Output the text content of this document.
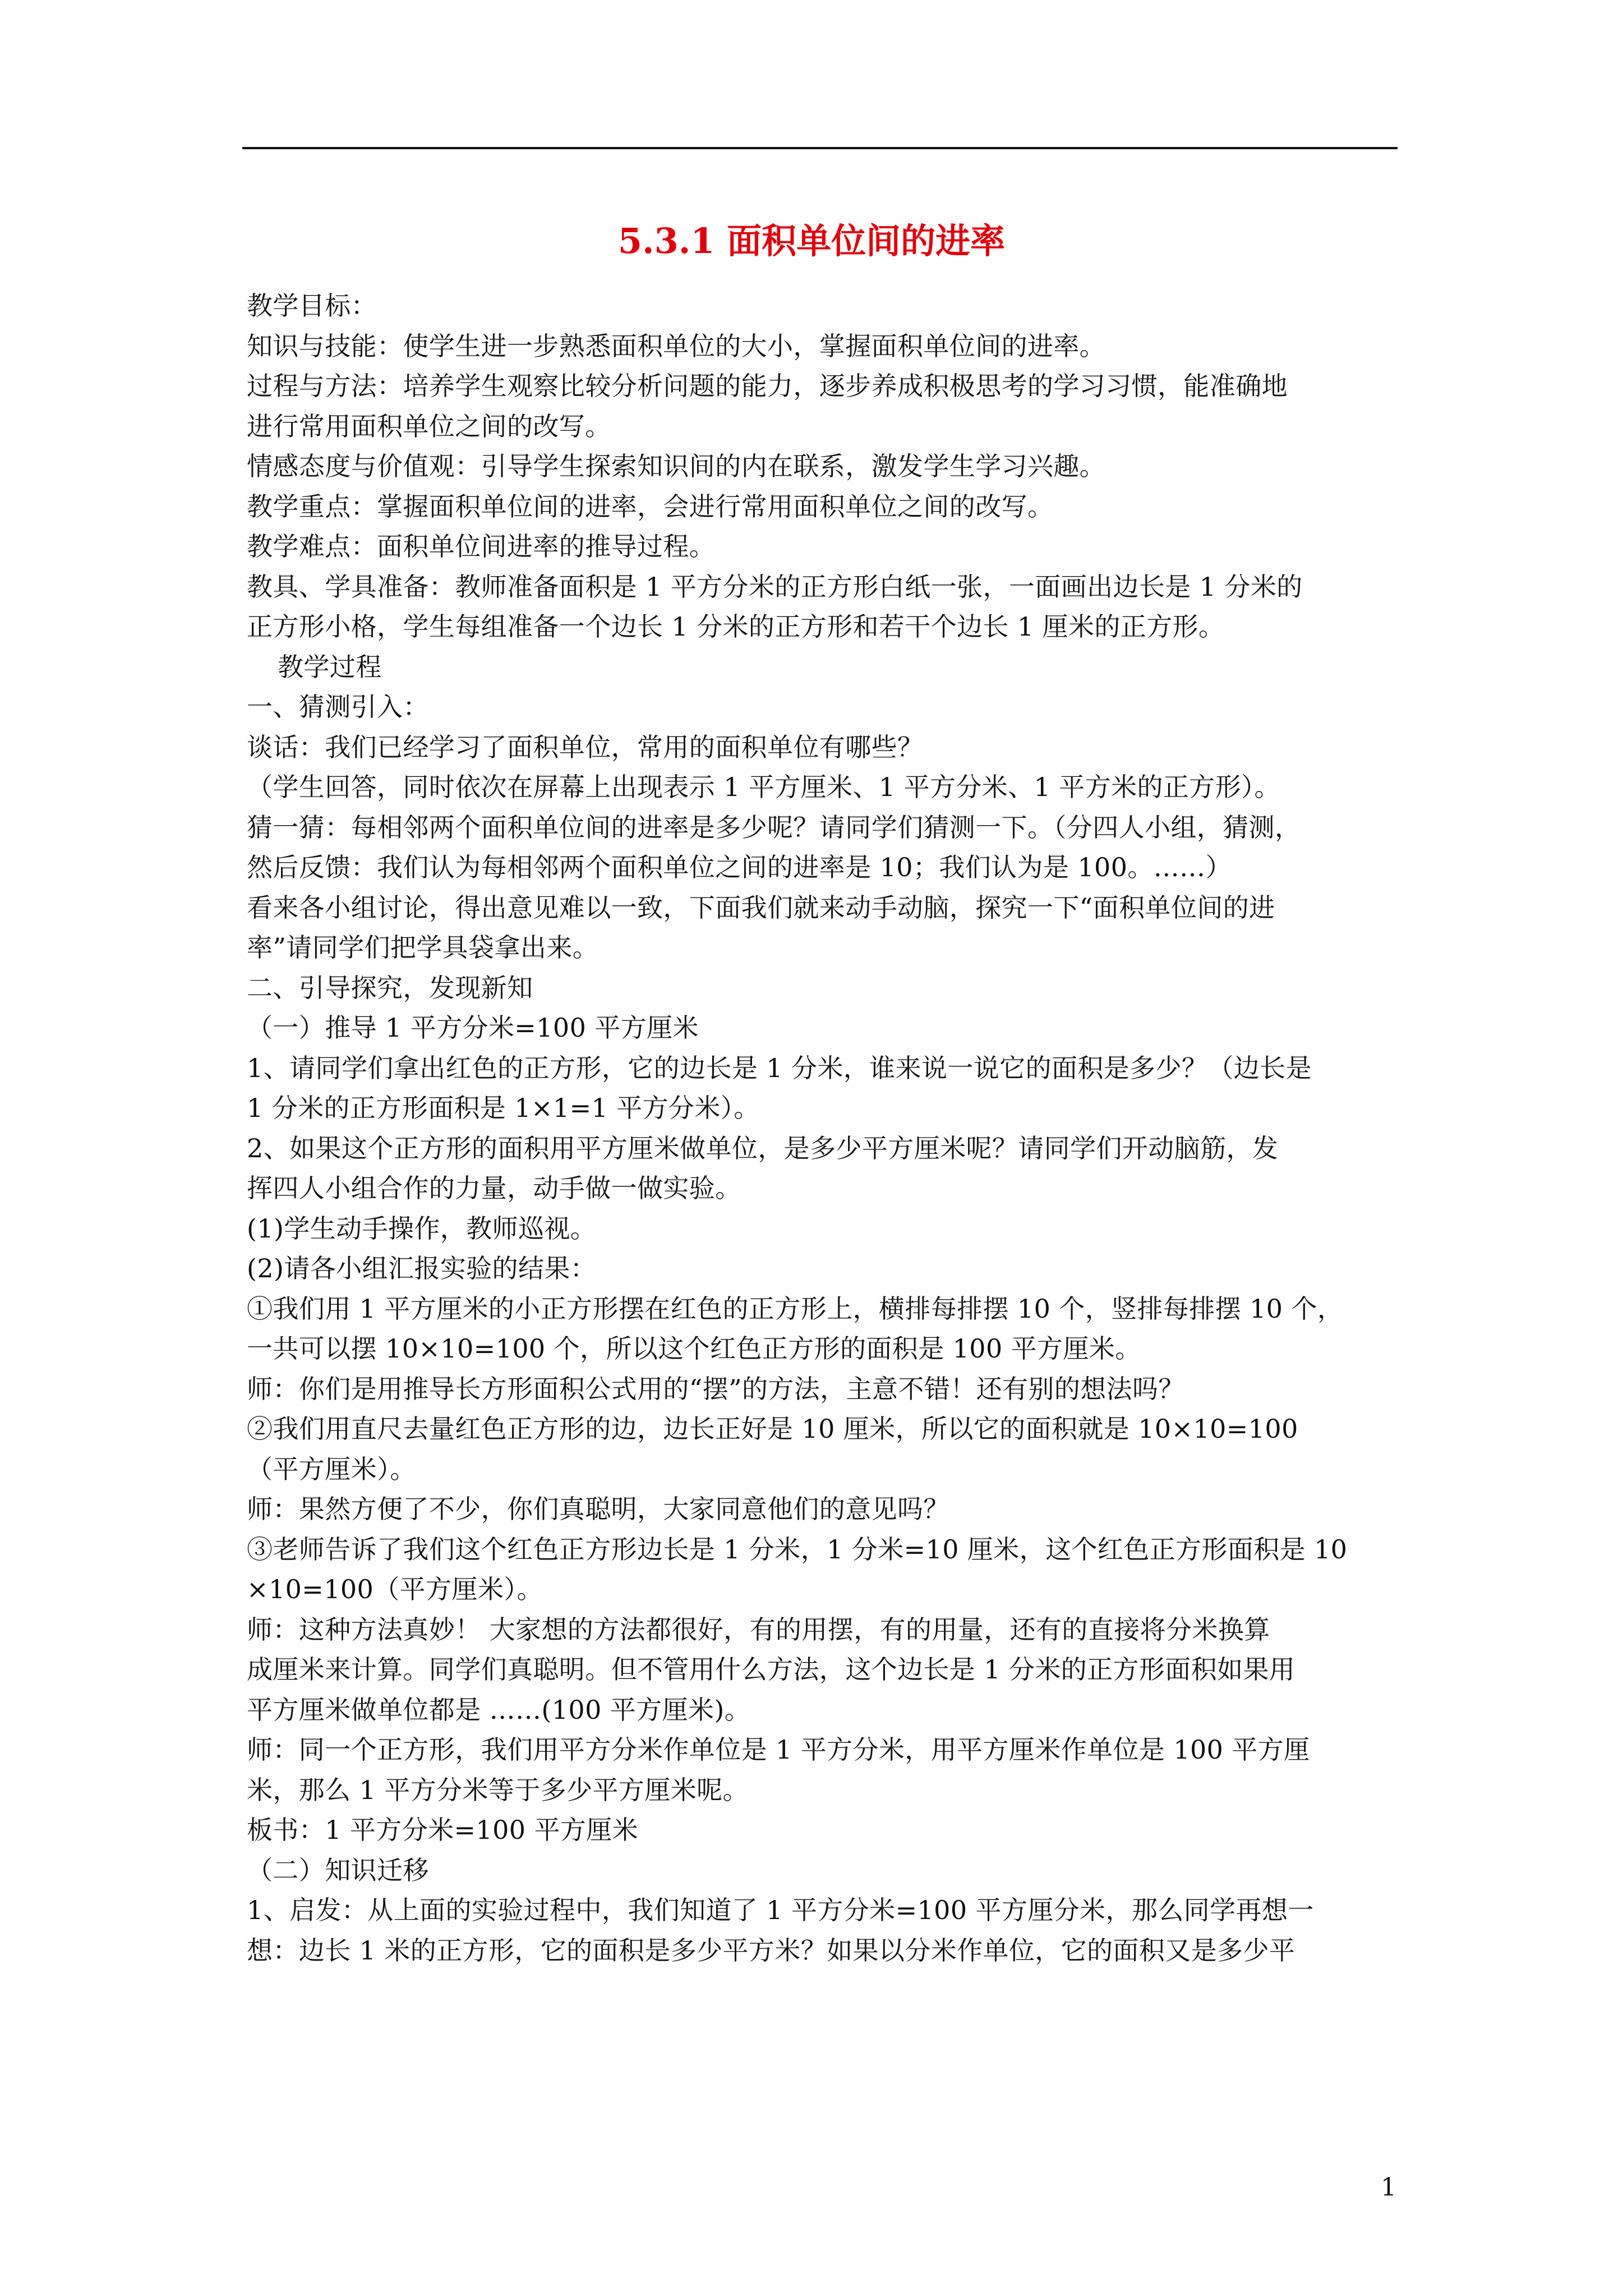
5.3.1 面积单位间的进率
教学目标：
知识与技能：使学生进一步熟悉面积单位的大小，掌握面积单位间的进率。
过程与方法：培养学生观察比较分析问题的能力，逐步养成积极思考的学习习惯，能准确地
进行常用面积单位之间的改写。
情感态度与价值观：引导学生探索知识间的内在联系，激发学生学习兴趣。
教学重点：掌握面积单位间的进率，会进行常用面积单位之间的改写。
教学难点：面积单位间进率的推导过程。
教具、学具准备：教师准备面积是 1 平方分米的正方形白纸一张，一面画出边长是 1 分米的
正方形小格，学生每组准备一个边长 1 分米的正方形和若干个边长 1 厘米的正方形。
教学过程
一、猜测引入：
谈话：我们已经学习了面积单位，常用的面积单位有哪些？
（学生回答，同时依次在屏幕上出现表示 1 平方厘米、1 平方分米、1 平方米的正方形）。
猜一猜：每相邻两个面积单位间的进率是多少呢？请同学们猜测一下。（分四人小组，猜测，
然后反馈：我们认为每相邻两个面积单位之间的进率是 10；我们认为是 100。……）
看来各小组讨论，得出意见难以一致，下面我们就来动手动脑，探究一下“面积单位间的进
率”请同学们把学具袋拿出来。
二、引导探究，发现新知
（一）推导 1 平方分米=100 平方厘米
1、请同学们拿出红色的正方形，它的边长是 1 分米，谁来说一说它的面积是多少？（边长是
1 分米的正方形面积是 1×1=1 平方分米）。
2、如果这个正方形的面积用平方厘米做单位，是多少平方厘米呢？请同学们开动脑筋，发
挥四人小组合作的力量，动手做一做实验。
(1)学生动手操作，教师巡视。
(2)请各小组汇报实验的结果：
①我们用 1 平方厘米的小正方形摆在红色的正方形上，横排每排摆 10 个，竖排每排摆 10 个，
一共可以摆 10×10=100 个，所以这个红色正方形的面积是 100 平方厘米。
师：你们是用推导长方形面积公式用的“摆”的方法，主意不错！还有别的想法吗？
②我们用直尺去量红色正方形的边，边长正好是 10 厘米，所以它的面积就是 10×10=100
（平方厘米）。
师：果然方便了不少，你们真聪明，大家同意他们的意见吗？
③老师告诉了我们这个红色正方形边长是 1 分米，1 分米=10 厘米，这个红色正方形面积是 10
×10=100（平方厘米）。
师：这种方法真妙！ 大家想的方法都很好，有的用摆，有的用量，还有的直接将分米换算
成厘米来计算。同学们真聪明。但不管用什么方法，这个边长是 1 分米的正方形面积如果用
平方厘米做单位都是 ……(100 平方厘米)。
师：同一个正方形，我们用平方分米作单位是 1 平方分米，用平方厘米作单位是 100 平方厘
米，那么 1 平方分米等于多少平方厘米呢。
板书：1 平方分米=100 平方厘米
（二）知识迁移
1、启发：从上面的实验过程中，我们知道了 1 平方分米=100 平方厘分米，那么同学再想一
想：边长 1 米的正方形，它的面积是多少平方米？如果以分米作单位，它的面积又是多少平
1
